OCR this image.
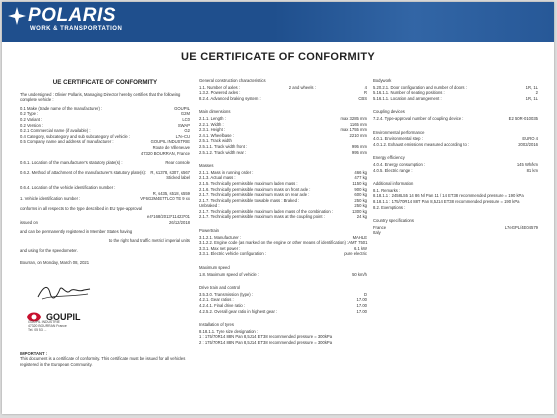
POLARIS
WORK & TRANSPORTATION
UE CERTIFICATE OF CONFORMITY
UE CERTIFICATE OF CONFORMITY
The undersigned : Olivier Pollaris, Managing Director hereby certifies that the following complete vehicle :
0.1 Make (trade name of the manufacturer) :	GOUPIL
0.2 Type :	G2M
0.2 Variant :	LC0
0.2 Version :	SWAP
0.2.1 Commercial name (if available) :	G2
0.4 Category, subcategory and sub subcategory of vehicle :	L7e-CU
0.5 Company name and address of manufacturer :	GOUPIL INDUSTRIE
Route de Villeneuve
47320 BOURRAN, France
0.6.1. Location of the manufacturer's statutory plate(s) :	Rear console
0.6.2. Method of attachment of the manufacturer's statutory plate(s): R, s1378, s307, s567
Sticked label
0.6.4. Location of the vehicle identification number :
R, s435, s518, s559
1. Vehicle identification number :	VF6G2M4E7TLC0 TE 9 xx
conforms in all respects to the type described in EU type-approval
e4*168/2013*11423*01
issued on	26/12/2018
and can be permanently registered in Member States having
to the right hand traffic metric/ imperial units
and using for the speedometer.
Bourran, on Monday, March 08, 2021
GOUPIL
GOUPIL INDUSTRIE
47320 BOURRAN France
Tel. 05 53 ...
IMPORTANT :
This document is a certificate of conformity. This certificate must be issued for all vehicles registered in the European Community.
General construction characteristics
1.1. Number of axles :	2 and wheels :	4
1.3.2. Powered axles :	R
8.2.4. Advanced braking system :	CBS
Main dimensions
2.1.1. Length :	max 3285 mm
2.2.1. Width :	1165 mm
2.3.1. Height :	max 1755 mm
2.4.1. Wheelbase :	2210 mm
2.5.1. Track width
2.5.1.1. Track width front :	995 mm
2.5.1.2. Track width rear :	995 mm
Masses
2.1.1. Mass in running order :	466 kg
2.1.3. Actual mass :	477 kg
2.1.5. Technically permissible maximum laden mass :	1150 kg
2.1.6. Technically permissible maximum mass on front axle :	900 kg
2.1.7. Technically permissible maximum mass on rear axle :	600 kg
2.1.7. Technically permissible towable mass : Braked :	250 kg
Unbraked :	250 kg
2.1.7. Technically permissible maximum laden mass of the combination :	1300 kg
2.1.7. Technically permissible maximum mass at the coupling point :	24 kg
Powertrain
3.1.2.1. Manufacturer :	MAHLE
3.1.2.2. Engine code (as marked on the engine or other means of identification) : AMT 7501
3.3.1. Max net power :	6.1 kW
3.3.1. Electric vehicle configuration :	pure electric
Maximum speed
1.8. Maximum speed of vehicle :	50 km/h
Drive train and control
3.5.3.0. Transmission (type) :	D
4.2.1. Gear ratios :	17.00
4.2.4.1. Final drive ratio :	17.00
4.2.5.2. Overall gear ratio in highest gear :	17.00
Installation of tyres
8.18.1.1. Tyre size designation :
1 : 175/70R14 88N Pan 8,5J14 ET38 recommended pressure = 300kPa
2 : 175/70R14 88N Pan 8,5J14 ET38 recommended pressure = 300kPa
Bodywork
5.20.2.1. Door configuration and number of doors :	1R, 1L
5.16.1.1. Number of seating positions :	2
5.16.1.1. Location and arrangement :	1R, 1L
Coupling devices
7.2.4. Type-approval number of coupling device :	E2 50R-010035
Environmental performance
4.0.1. Environmental step :	EURO 4
4.0.1.2. Exhaust emissions measured according to :	2002/2016
Energy efficiency
4.0.4. Energy consumption :	145 Wh/km
4.0.5. Electric range :	81 km
Additional information
8.1. Remarks :
8.18.1.1 : 2458L55 14 86 Nl Pan 11 / 14 ET38 recommended pressure = 190 kPa
8.18.1.1 : 175/70R14 88T Pan 8,5J14 ET38 recommended pressure = 190 kPa
8.2. Exemptions :
Country specifications
France	L7eGPL/4E04579
Italy
